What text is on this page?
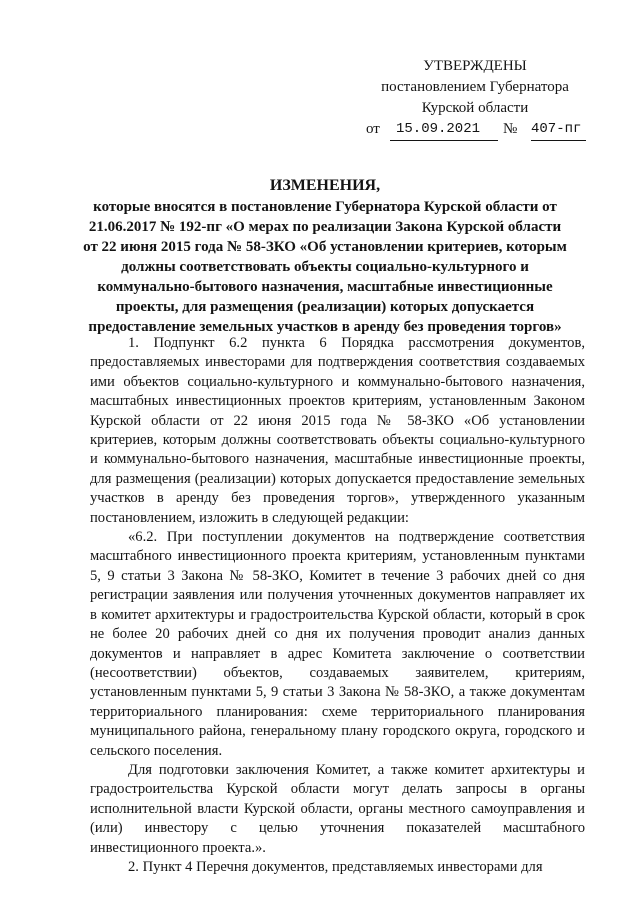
УТВЕРЖДЕНЫ
постановлением Губернатора
Курской области
от	15.09.2021	№ 407-пг
ИЗМЕНЕНИЯ,
которые вносятся в постановление Губернатора Курской области от 21.06.2017 № 192-пг «О мерах по реализации Закона Курской области от 22 июня 2015 года № 58-ЗКО «Об установлении критериев, которым должны соответствовать объекты социально-культурного и коммунально-бытового назначения, масштабные инвестиционные проекты, для размещения (реализации) которых допускается предоставление земельных участков в аренду без проведения торгов»

1. Подпункт 6.2 пункта 6 Порядка рассмотрения документов, предоставляемых инвесторами для подтверждения соответствия создаваемых ими объектов социально-культурного и коммунально-бытового назначения, масштабных инвестиционных проектов критериям, установленным Законом Курской области от 22 июня 2015 года № 58-ЗКО «Об установлении критериев, которым должны соответствовать объекты социально-культурного и коммунально-бытового назначения, масштабные инвестиционные проекты, для размещения (реализации) которых допускается предоставление земельных участков в аренду без проведения торгов», утвержденного указанным постановлением, изложить в следующей редакции:

«6.2. При поступлении документов на подтверждение соответствия масштабного инвестиционного проекта критериям, установленным пунктами 5, 9 статьи 3 Закона № 58-ЗКО, Комитет в течение 3 рабочих дней со дня регистрации заявления или получения уточненных документов направляет их в комитет архитектуры и градостроительства Курской области, который в срок не более 20 рабочих дней со дня их получения проводит анализ данных документов и направляет в адрес Комитета заключение о соответствии (несоответствии) объектов, создаваемых заявителем, критериям, установленным пунктами 5, 9 статьи 3 Закона № 58-ЗКО, а также документам территориального планирования: схеме территориального планирования муниципального района, генеральному плану городского округа, городского и сельского поселения.

Для подготовки заключения Комитет, а также комитет архитектуры и градостроительства Курской области могут делать запросы в органы исполнительной власти Курской области, органы местного самоуправления и (или) инвестору с целью уточнения показателей масштабного инвестиционного проекта.».

2. Пункт 4 Перечня документов, представляемых инвесторами для
